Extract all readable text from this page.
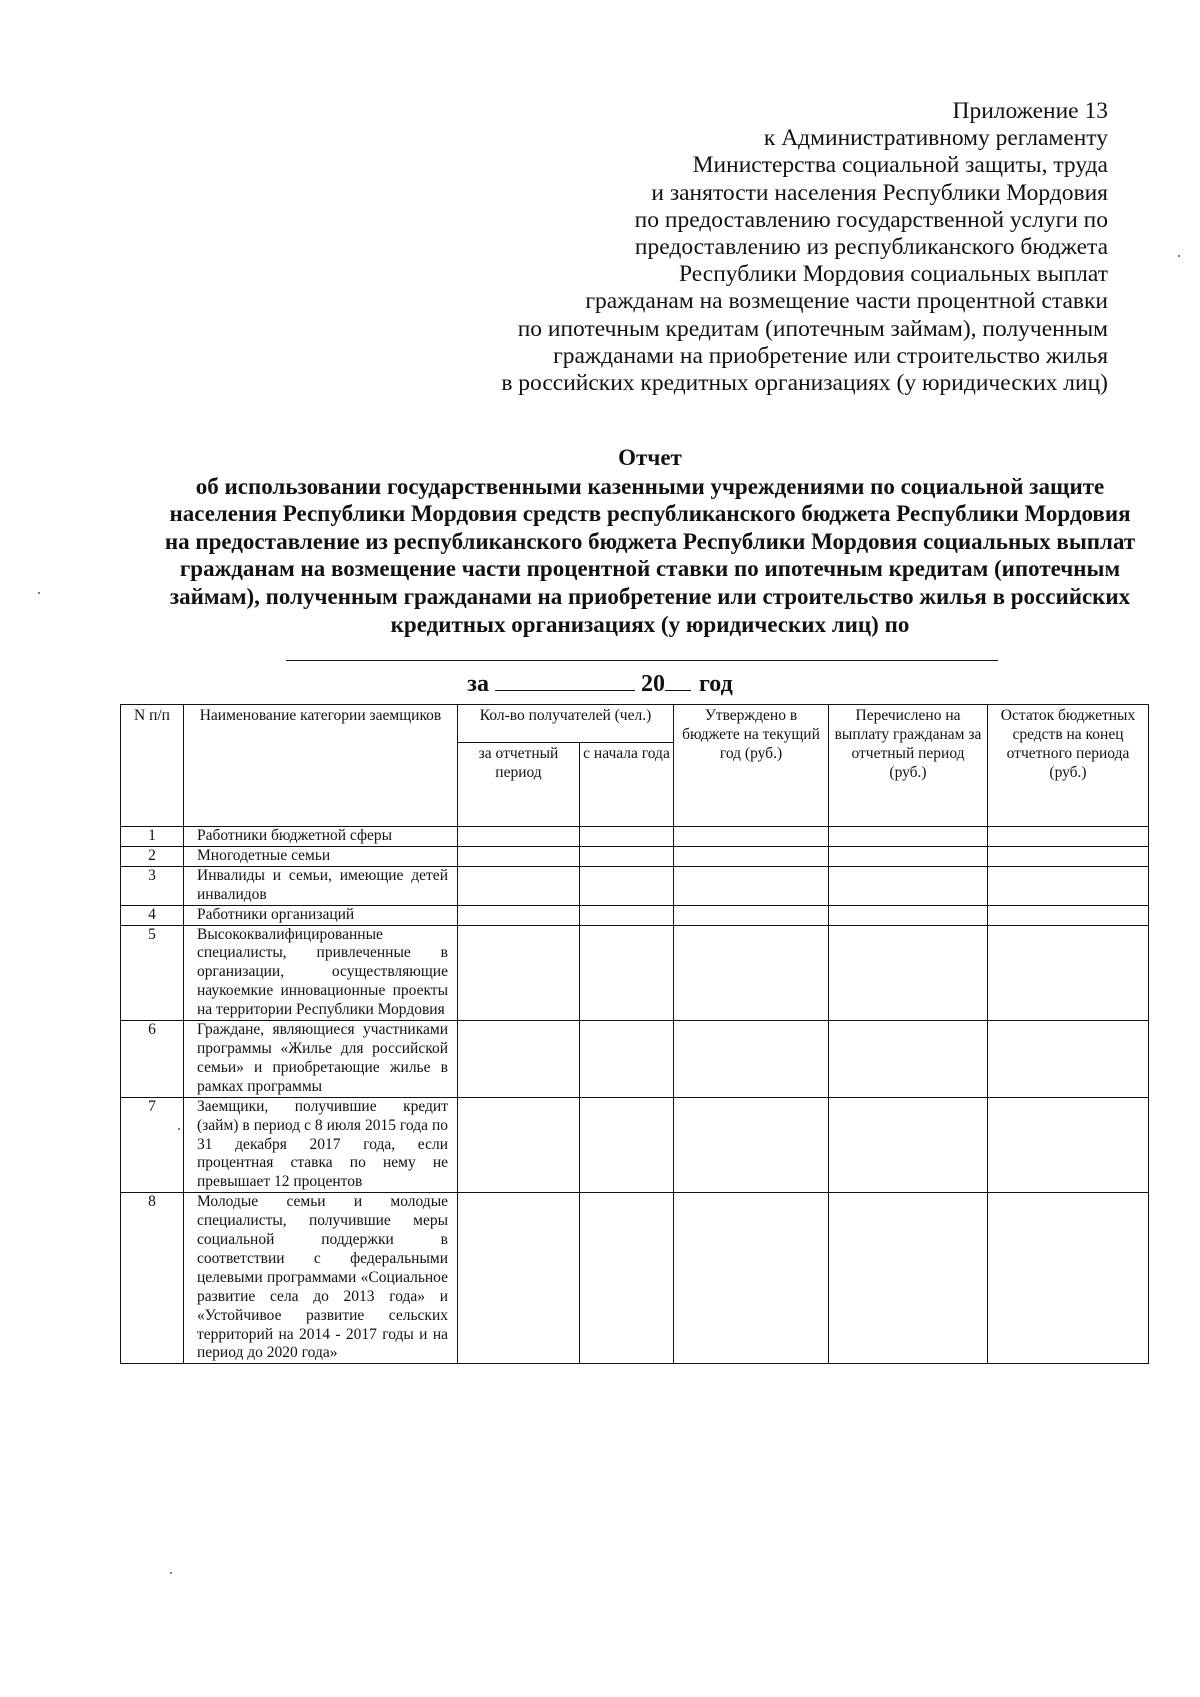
Приложение 13
к Административному регламенту
Министерства социальной защиты, труда
и занятости населения Республики Мордовия
по предоставлению государственной услуги по
предоставлению из республиканского бюджета
Республики Мордовия социальных выплат
гражданам на возмещение части процентной ставки
по ипотечным кредитам (ипотечным займам), полученным
гражданами на приобретение или строительство жилья
в российских кредитных организациях (у юридических лиц)
Отчет
об использовании государственными казенными учреждениями по социальной защите
населения Республики Мордовия средств республиканского бюджета Республики Мордовия
на предоставление из республиканского бюджета Республики Мордовия социальных выплат
гражданам на возмещение части процентной ставки по ипотечным кредитам (ипотечным
займам), полученным гражданами на приобретение или строительство жилья в российских
кредитных организациях (у юридических лиц) по
за	20 год
N п/п	Наименование категории заемщиков	Кол-во получателей (чел.)		Утверждено в бюджете на текущий год (руб.)	Перечислено на выплату гражданам за отчетный период (руб.)	Остаток бюджетных средств на конец отчетного периода (руб.)
		за отчетный период	с начала года			
1	Работники бюджетной сферы					
2	Многодетные семьи					
3	Инвалиды и семьи, имеющие детей инвалидов					
4	Работники организаций					
5	Высококвалифицированные специалисты, привлеченные в организации, осуществляющие наукоемкие инновационные проекты на территории Республики Мордовия					
6	Граждане, являющиеся участниками программы «Жилье для российской семьи» и приобретающие жилье в рамках программы					
7	Заемщики, получившие кредит (займ) в период с 8 июля 2015 года по 31 декабря 2017 года, если процентная ставка по нему не превышает 12 процентов					
8	Молодые семьи и молодые специалисты, получившие меры социальной поддержки в соответствии с федеральными целевыми программами «Социальное развитие села до 2013 года» и «Устойчивое развитие сельских территорий на 2014 - 2017 годы и на период до 2020 года»					
